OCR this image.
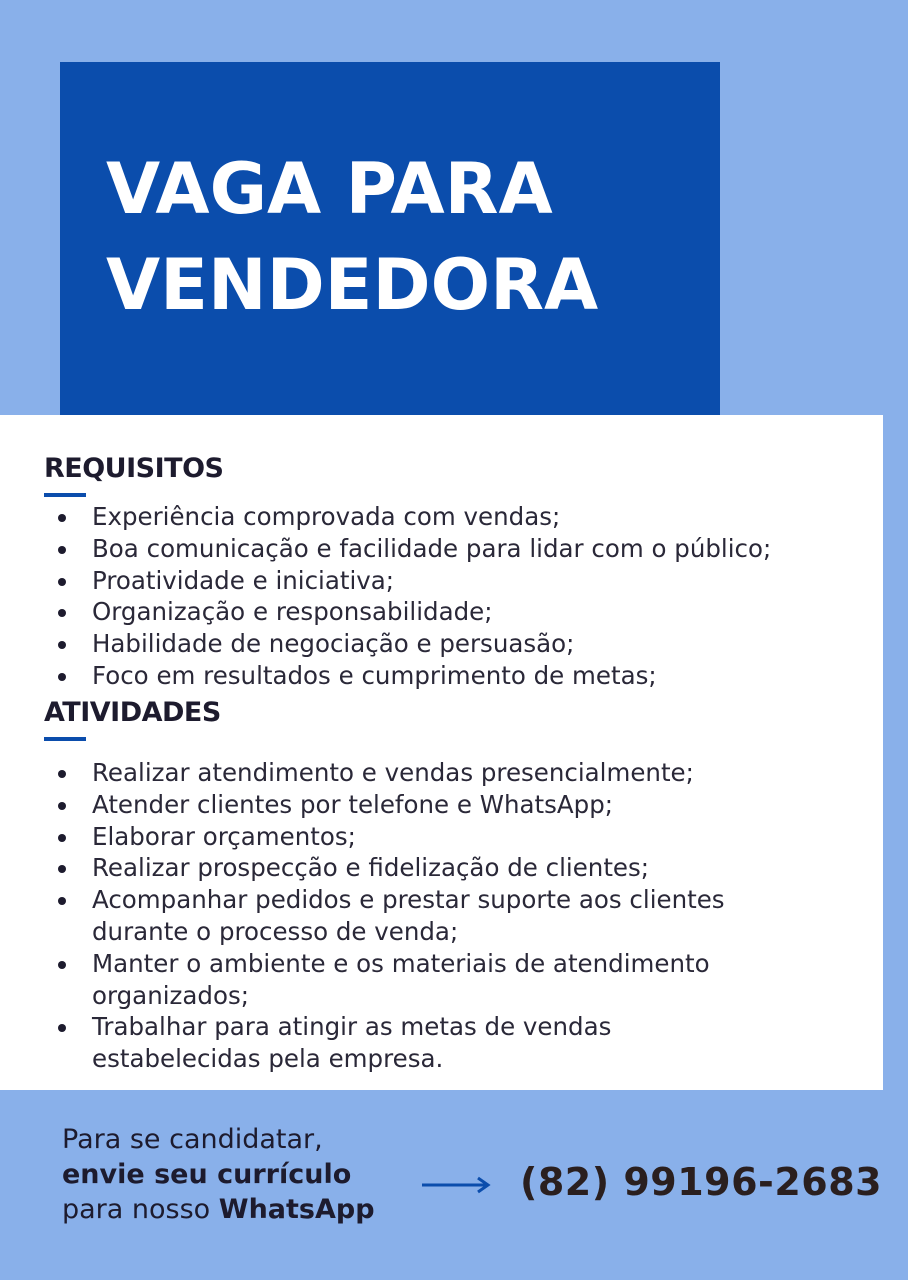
VAGA PARA
VENDEDORA
REQUISITOS
Experiência comprovada com vendas;
Boa comunicação e facilidade para lidar com o público;
Proatividade e iniciativa;
Organização e responsabilidade;
Habilidade de negociação e persuasão;
Foco em resultados e cumprimento de metas;
ATIVIDADES
Realizar atendimento e vendas presencialmente;
Atender clientes por telefone e WhatsApp;
Elaborar orçamentos;
Realizar prospecção e fidelização de clientes;
Acompanhar pedidos e prestar suporte aos clientes
durante o processo de venda;
Manter o ambiente e os materiais de atendimento
organizados;
Trabalhar para atingir as metas de vendas
estabelecidas pela empresa.
Para se candidatar,
envie seu currículo
para nosso WhatsApp
(82) 99196-2683
